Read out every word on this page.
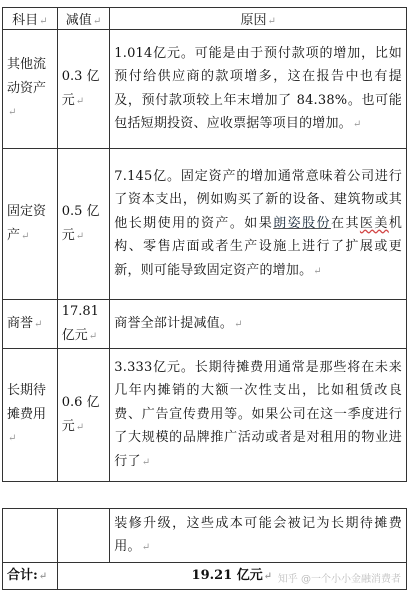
科目↵	减值↵	原因↵
其他流动资产↵	0.3 亿元↵	1.014亿元。可能是由于预付款项的增加，比如预付给供应商的款项增多，这在报告中也有提及，预付款项较上年末增加了 84.38%。也可能包括短期投资、应收票据等项目的增加。↵
固定资产↵	0.5 亿元↵	7.145亿。固定资产的增加通常意味着公司进行了资本支出，例如购买了新的设备、建筑物或其他长期使用的资产。如果朗姿股份在其医美机构、零售店面或者生产设施上进行了扩展或更新，则可能导致固定资产的增加。↵
商誉↵	17.81 亿元↵	商誉全部计提减值。↵
长期待摊费用↵	0.6 亿元↵	3.333亿元。长期待摊费用通常是那些将在未来几年内摊销的大额一次性支出，比如租赁改良费、广告宣传费用等。如果公司在这一季度进行了大规模的品牌推广活动或者是对租用的物业进行了↵
		装修升级，这些成本可能会被记为长期待摊费用。↵
合计:↵	19.21 亿元↵	知乎 @一个小小金融消费者
